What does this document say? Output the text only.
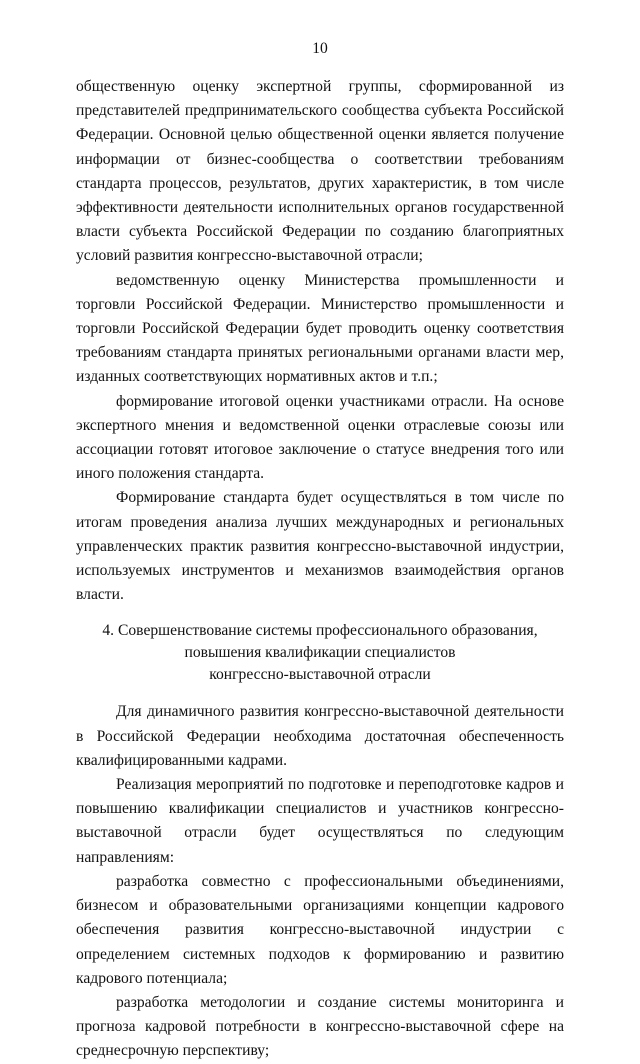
10

общественную оценку экспертной группы, сформированной из представителей предпринимательского сообщества субъекта Российской Федерации. Основной целью общественной оценки является получение информации от бизнес-сообщества о соответствии требованиям стандарта процессов, результатов, других характеристик, в том числе эффективности деятельности исполнительных органов государственной власти субъекта Российской Федерации по созданию благоприятных условий развития конгрессно-выставочной отрасли;

ведомственную оценку Министерства промышленности и торговли Российской Федерации. Министерство промышленности и торговли Российской Федерации будет проводить оценку соответствия требованиям стандарта принятых региональными органами власти мер, изданных соответствующих нормативных актов и т.п.;

формирование итоговой оценки участниками отрасли. На основе экспертного мнения и ведомственной оценки отраслевые союзы или ассоциации готовят итоговое заключение о статусе внедрения того или иного положения стандарта.

Формирование стандарта будет осуществляться в том числе по итогам проведения анализа лучших международных и региональных управленческих практик развития конгрессно-выставочной индустрии, используемых инструментов и механизмов взаимодействия органов власти.

4. Совершенствование системы профессионального образования,
повышения квалификации специалистов
конгрессно-выставочной отрасли

Для динамичного развития конгрессно-выставочной деятельности в Российской Федерации необходима достаточная обеспеченность квалифицированными кадрами.

Реализация мероприятий по подготовке и переподготовке кадров и повышению квалификации специалистов и участников конгрессно-выставочной отрасли будет осуществляться по следующим направлениям:

разработка совместно с профессиональными объединениями, бизнесом и образовательными организациями концепции кадрового обеспечения развития конгрессно-выставочной индустрии с определением системных подходов к формированию и развитию кадрового потенциала;

разработка методологии и создание системы мониторинга и прогноза кадровой потребности в конгрессно-выставочной сфере на среднесрочную перспективу;
